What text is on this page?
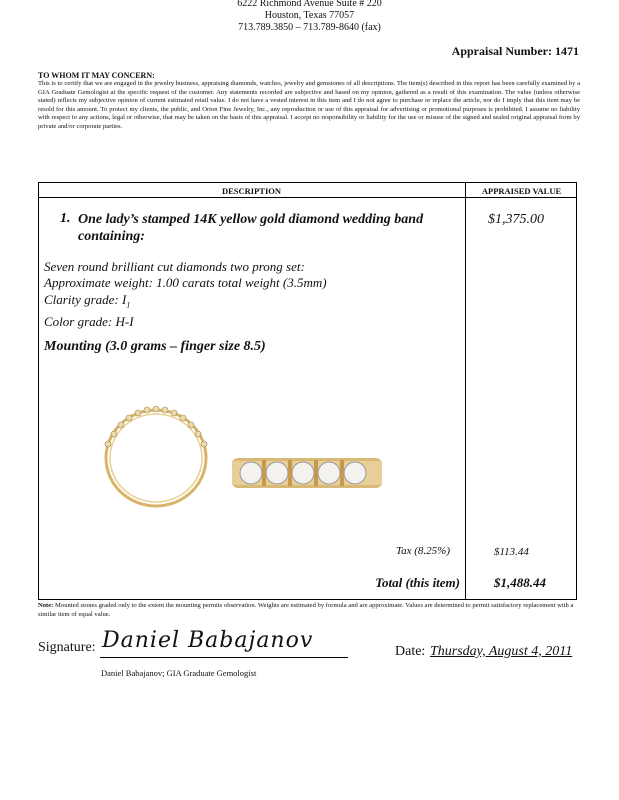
6222 Richmond Avenue Suite # 220
Houston, Texas 77057
713.789.3850 – 713.789-8640 (fax)
Appraisal Number: 1471
TO WHOM IT MAY CONCERN:
This is to certify that we are engaged in the jewelry business, appraising diamonds, watches, jewelry and gemstones of all descriptions. The item(s) described in this report has been carefully examined by a GIA Graduate Gemologist at the specific request of the customer. Any statements recorded are subjective and based on my opinion, gathered as a result of this examination. The value (unless otherwise stated) reflects my subjective opinion of current estimated retail value. I do not have a vested interest in this item and I do not agree to purchase or replace the article, nor do I imply that this item may be resold for this amount. To protect my clients, the public, and Orion Fine Jewelry, Inc., any reproduction or use of this appraisal for advertising or promotional purposes is prohibited. I assume no liability with respect to any actions, legal or otherwise, that may be taken on the basis of this appraisal. I accept no responsibility or liability for the use or misuse of the signed and sealed original appraisal form by private and/or corporate parties.
DESCRIPTION	APPRAISED VALUE
1. One lady’s stamped 14K yellow gold diamond wedding band
containing:
$1,375.00
Seven round brilliant cut diamonds two prong set:
Approximate weight: 1.00 carats total weight (3.5mm)
Clarity grade: $I_1$
Color grade: H-I
Mounting (3.0 grams – finger size 8.5)
Tax (8.25%)	$113.44
Total (this item)	$1,488.44
Note: Mounted stones graded only to the extent the mounting permits observation. Weights are estimated by formula and are approximate. Values are determined to permit satisfactory replacement with a similar item of equal value.
Signature: Daniel Babajanov
Daniel Babajanov; GIA Graduate Gemologist
Date: Thursday, August 4, 2011
